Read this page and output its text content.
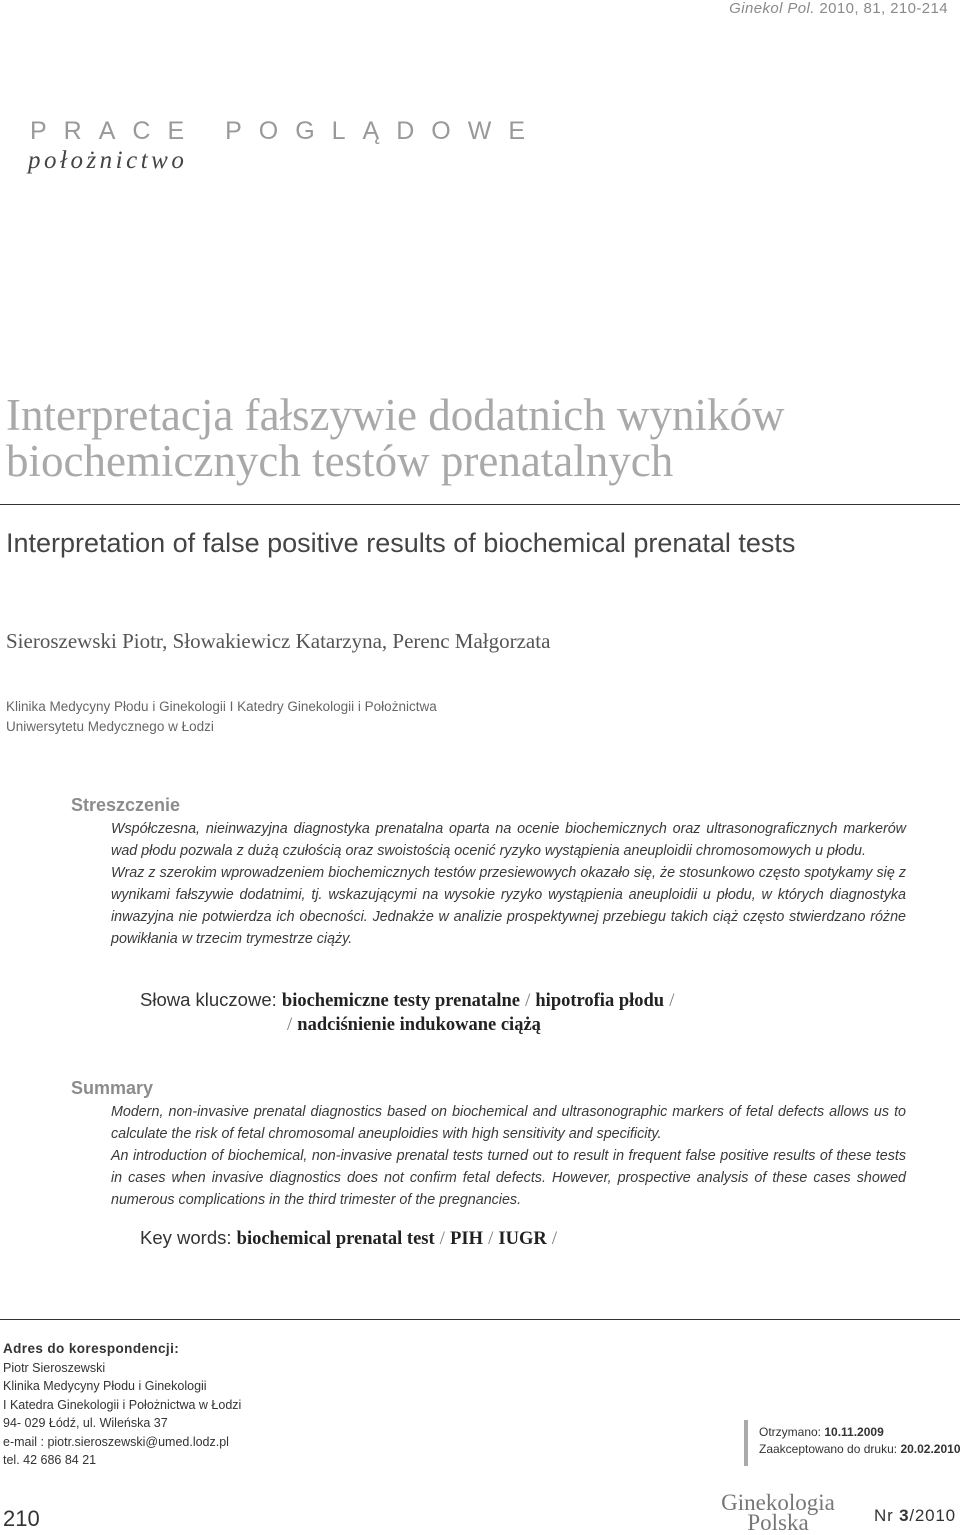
Ginekol Pol. 2010, 81, 210-214
PRACE POGLĄDOWE
położnictwo
Interpretacja fałszywie dodatnich wyników
biochemicznych testów prenatalnych
Interpretation of false positive results of biochemical prenatal tests
Sieroszewski Piotr, Słowakiewicz Katarzyna, Perenc Małgorzata
Klinika Medycyny Płodu i Ginekologii I Katedry Ginekologii i Położnictwa
Uniwersytetu Medycznego w Łodzi
Streszczenie

Współczesna, nieinwazyjna diagnostyka prenatalna oparta na ocenie biochemicznych oraz ultrasonograficznych markerów wad płodu pozwala z dużą czułością oraz swoistością ocenić ryzyko wystąpienia aneuploidii chromosomowych u płodu.

Wraz z szerokim wprowadzeniem biochemicznych testów przesiewowych okazało się, że stosunkowo często spotykamy się z wynikami fałszywie dodatnimi, tj. wskazującymi na wysokie ryzyko wystąpienia aneuploidii u płodu, w których diagnostyka inwazyjna nie potwierdza ich obecności. Jednakże w analizie prospektywnej przebiegu takich ciąż często stwierdzano różne powikłania w trzecim trymestrze ciąży.

Słowa kluczowe: biochemiczne testy prenatalne / hipotrofia płodu /
/ nadciśnienie indukowane ciążą
Summary

Modern, non-invasive prenatal diagnostics based on biochemical and ultrasonographic markers of fetal defects allows us to calculate the risk of fetal chromosomal aneuploidies with high sensitivity and specificity.

An introduction of biochemical, non-invasive prenatal tests turned out to result in frequent false positive results of these tests in cases when invasive diagnostics does not confirm fetal defects. However, prospective analysis of these cases showed numerous complications in the third trimester of the pregnancies.

Key words: biochemical prenatal test / PIH / IUGR /
Adres do korespondencji:
Piotr Sieroszewski
Klinika Medycyny Płodu i Ginekologii
I Katedra Ginekologii i Położnictwa w Łodzi
94- 029 Łódź, ul. Wileńska 37
e-mail : piotr.sieroszewski@umed.lodz.pl
tel. 42 686 84 21
Otrzymano: 10.11.2009
Zaakceptowano do druku: 20.02.2010
210
Ginekologia
Polska	Nr 3/2010
